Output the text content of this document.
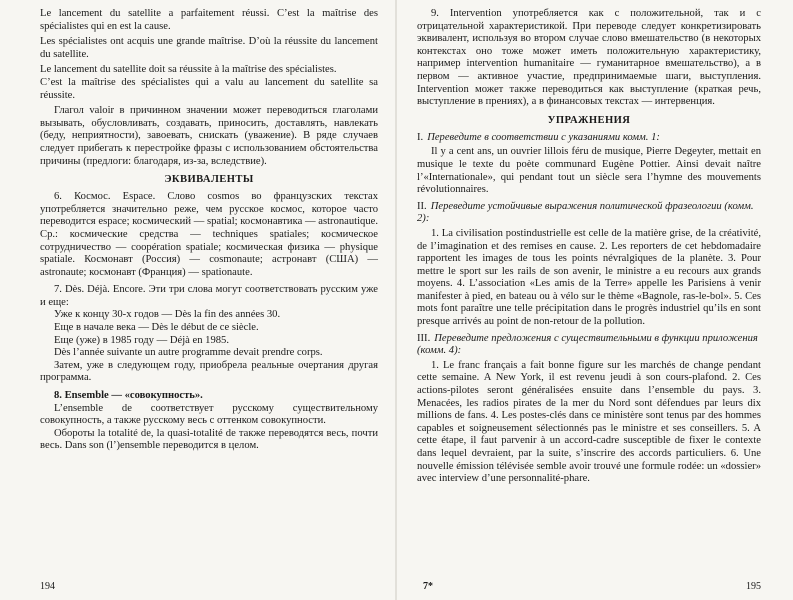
Le lancement du satellite a parfaitement réussi. C’est la maîtrise des spécialistes qui en est la cause.

Les spécialistes ont acquis une grande maîtrise. D’où la réussite du lancement du satellite.

Le lancement du satellite doit sa réussite à la maîtrise des spécialistes.

C’est la maîtrise des spécialistes qui a valu au lancement du satellite sa réussite.

Глагол valoir в причинном значении может переводиться глаголами вызывать, обусловливать, создавать, приносить, доставлять, навлекать (беду, неприятности), завоевать, снискать (уважение). В ряде случаев следует прибегать к перестройке фразы с использованием обстоятельства причины (предлоги: благодаря, из-за, вследствие).

ЭКВИВАЛЕНТЫ

6. Космос. Espace. Слово cosmos во французских текстах употребляется значительно реже, чем русское космос, которое часто переводится espace; космический — spatial; космонавтика — astronautique. Ср.: космические средства — techniques spatiales; космическое сотрудничество — coopération spatiale; космическая физика — physique spatiale. Космонавт (Россия) — cosmonaute; астронавт (США) — astronaute; космонавт (Франция) — spationaute.

7. Dès. Déjà. Encore. Эти три слова могут соответствовать русским уже и еще:

Уже к концу 30-х годов — Dès la fin des années 30.

Еще в начале века — Dès le début de ce siècle.

Еще (уже) в 1985 году — Déjà en 1985.

Dès l’année suivante un autre programme devait prendre corps.

Затем, уже в следующем году, приобрела реальные очертания другая программа.

8. Ensemble — «совокупность».

L’ensemble de соответствует русскому существительному совокупность, а также русскому весь с оттенком совокупности.

Обороты la totalité de, la quasi-totalité de также переводятся весь, почти весь. Dans son (l’)ensemble переводится в целом.

194

9. Intervention употребляется как с положительной, так и с отрицательной характеристикой. При переводе следует конкретизировать эквивалент, используя во втором случае слово вмешательство (в некоторых контекстах оно тоже может иметь положительную характеристику, например intervention humanitaire — гуманитарное вмешательство), а в первом — активное участие, предпринимаемые шаги, выступления. Intervention может также переводиться как выступление (краткая речь, выступление в прениях), а в финансовых текстах — интервенция.

УПРАЖНЕНИЯ
I. Переведите в соответствии с указаниями комм. 1:

Il y a cent ans, un ouvrier lillois féru de musique, Pierre Degeyter, mettait en musique le texte du poète communard Eugène Pottier. Ainsi devait naître l’«Internationale», qui pendant tout un siècle sera l’hymne des mouvements révolutionnaires.

II. Переведите устойчивые выражения политической фразеологии (комм. 2):

1. La civilisation postindustrielle est celle de la matière grise, de la créativité, de l’imagination et des remises en cause. 2. Les reporters de cet hebdomadaire rapportent les images de tous les points névralgiques de la planète. 3. Pour mettre le sport sur les rails de son avenir, le ministre a eu recours aux grands moyens. 4. L’association «Les amis de la Terre» appelle les Parisiens à venir manifester à pied, en bateau ou à vélo sur le thème «Bagnole, ras-le-bol». 5. Ces mots font paraître une telle précipitation dans le progrès industriel qu’ils en sont presque arrivés au point de non-retour de la pollution.

III. Переведите предложения с существительными в функции приложения (комм. 4):

1. Le franc français a fait bonne figure sur les marchés de change pendant cette semaine. A New York, il est revenu jeudi à son cours-plafond. 2. Ces actions-pilotes seront généralisées ensuite dans l’ensemble du pays. 3. Menacées, les radios pirates de la mer du Nord sont défendues par leurs dix millions de fans. 4. Les postes-clés dans ce ministère sont tenus par des hommes capables et soigneusement sélectionnés pas le ministre et ses conseillers. 5. A cette étape, il faut parvenir à un accord-cadre susceptible de fixer le contexte dans lequel devraient, par la suite, s’inscrire des accords particuliers. 6. Une nouvelle émission télévisée semble avoir trouvé une formule rodée: un «dossier» avec interview d’une personnalité-phare.

7*	195
